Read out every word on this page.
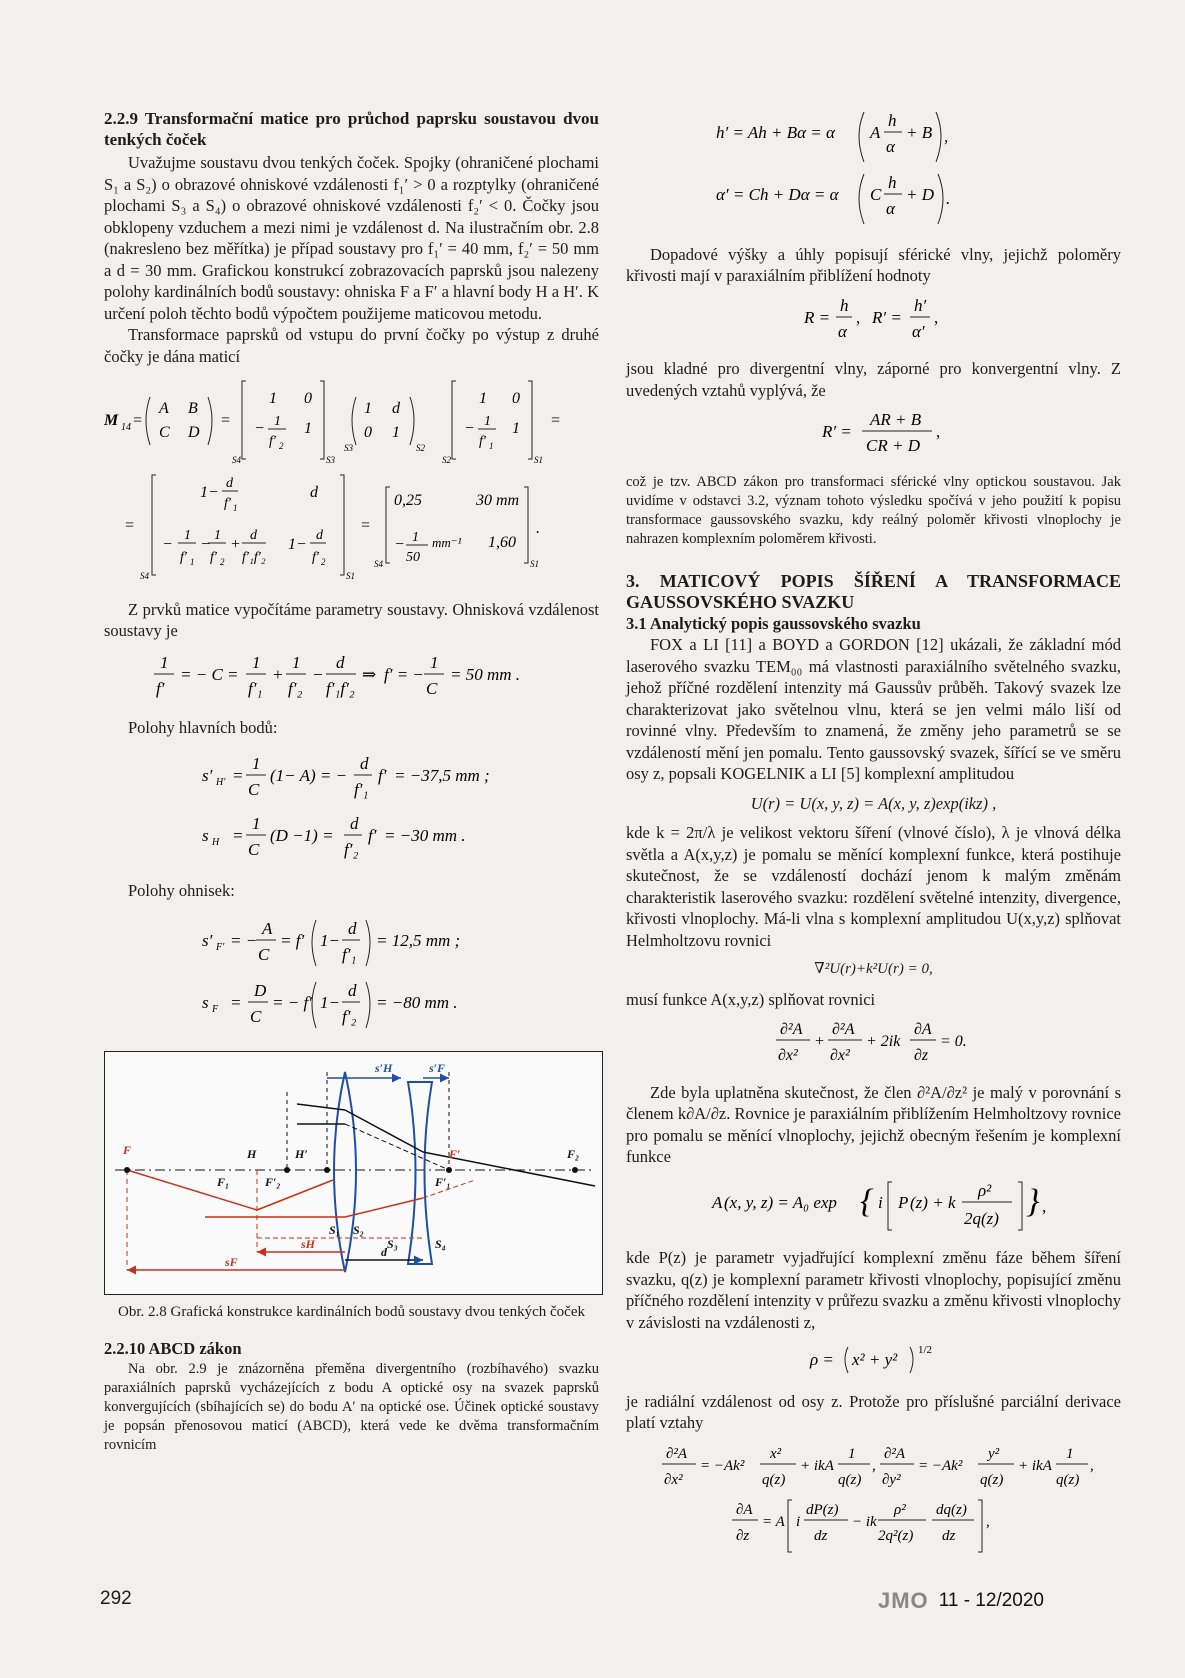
2.2.9 Transformační matice pro průchod paprsku soustavou dvou tenkých čoček

Uvažujme soustavu dvou tenkých čoček. Spojky (ohraničené plochami S₁ a S₂) o obrazové ohniskové vzdálenosti f₁′ > 0 a rozptylky (ohraničené plochami S₃ a S₄) o obrazové ohniskové vzdálenosti f₂′ < 0. Čočky jsou obklopeny vzduchem a mezi nimi je vzdálenost d. Na ilustračním obr. 2.8 (nakresleno bez měřítka) je případ soustavy pro f₁′ = 40 mm, f₂′ = 50 mm a d = 30 mm. Grafickou konstrukcí zobrazovacích paprsků jsou nalezeny polohy kardinálních bodů soustavy: ohniska F a F′ a hlavní body H a H′. K určení poloh těchto bodů výpočtem použijeme maticovou metodu.

Transformace paprsků od vstupu do první čočky po výstup z druhé čočky je dána maticí

M 14 =
A B
C D
=
1 0
− 1
f′ 2
1
S4	S3
1 d
0 1
S3	S2
1 0
− 1
f′ 1
1
S2	S1
=
=
1−
d
f′ 1
d
−
1
f′ 1
−
1
f′ 2
+
d
f′₁f′₂
1−
d
f′ 2
S4	S1
=
0,25	30 mm
− 1
50
mm⁻¹ 1,60
S4	S1
.

Z prvků matice vypočítáme parametry soustavy. Ohnisková vzdálenost soustavy je

1
f′
= − C =
1
f′₁
+
1
f′₂
−
d
f′₁f′₂
⇒ f′ = −
1
C
= 50 mm .

Polohy hlavních bodů:

s′ H′ =
1
C
(1− A) = −
d
f′₁
f′ = −37,5 mm ;
s H =
1
C
(D −1) =
d
f′₂
f′ = −30 mm .

Polohy ohnisek:

s′ F′ = −
A
C
= f′ 1−
d
f′₁
= 12,5 mm ;
s F =
D
C
= − f′ 1−
d
f′₂
= −80 mm .
s′H	s′F
F	H	H′	F′	F₂
F₁	F′₂	F′₁
S₁ S₂
S₃	S₄
sH
sF
d
Obr. 2.8 Grafická konstrukce kardinálních bodů soustavy dvou tenkých čoček
2.2.10 ABCD zákon

Na obr. 2.9 je znázorněna přeměna divergentního (rozbíhavého) svazku paraxiálních paprsků vycházejících z bodu A optické osy na svazek paprsků konvergujících (sbíhajících se) do bodu A′ na optické ose. Účinek optické soustavy je popsán přenosovou maticí (ABCD), která vede ke dvěma transformačním rovnicím

h′ = Ah + Bα = α A
h
α
+ B ,
α′ = Ch + Dα = α C
h
α
+ D .

Dopadové výšky a úhly popisují sférické vlny, jejichž poloměry křivosti mají v paraxiálním přiblížení hodnoty

R =
h
α
, R′ =
h′
α′
,

jsou kladné pro divergentní vlny, záporné pro konvergentní vlny. Z uvedených vztahů vyplývá, že

R′ =
AR + B
CR + D
,

což je tzv. ABCD zákon pro transformaci sférické vlny optickou soustavou. Jak uvidíme v odstavci 3.2, význam tohoto výsledku spočívá v jeho použití k popisu transformace gaussovského svazku, kdy reálný poloměr křivosti vlnoplochy je nahrazen komplexním poloměrem křivosti.

3. MATICOVÝ POPIS ŠÍŘENÍ A TRANSFORMACE GAUSSOVSKÉHO SVAZKU
3.1 Analytický popis gaussovského svazku

FOX a LI [11] a BOYD a GORDON [12] ukázali, že základní mód laserového svazku TEM₀₀ má vlastnosti paraxiálního světelného svazku, jehož příčné rozdělení intenzity má Gaussův průběh. Takový svazek lze charakterizovat jako světelnou vlnu, která se jen velmi málo liší od rovinné vlny. Především to znamená, že změny jeho parametrů se se vzdáleností mění jen pomalu. Tento gaussovský svazek, šířící se ve směru osy z, popsali KOGELNIK a LI [5] komplexní amplitudou

U(r) = U(x, y, z) = A(x, y, z)exp(ikz) ,

kde k = 2π/λ je velikost vektoru šíření (vlnové číslo), λ je vlnová délka světla a A(x,y,z) je pomalu se měnící komplexní funkce, která postihuje skutečnost, že se vzdáleností dochází jenom k malým změnám charakteristik laserového svazku: rozdělení světelné intenzity, divergence, křivosti vlnoplochy. Má-li vlna s komplexní amplitudou U(x,y,z) splňovat Helmholtzovu rovnici

∇²U(r)+k²U(r) = 0,

musí funkce A(x,y,z) splňovat rovnici

∂²A
∂x²
+
∂²A
∂x²
+ 2ik
∂A
∂z
= 0.

Zde byla uplatněna skutečnost, že člen ∂²A/∂z² je malý v porovnání s členem k∂A/∂z. Rovnice je paraxiálním přiblížením Helmholtzovy rovnice pro pomalu se měnící vlnoplochy, jejichž obecným řešením je komplexní funkce

A (x, y, z) = A₀ exp { i P (z) + k
ρ²
2q(z) } ,

kde P(z) je parametr vyjadřující komplexní změnu fáze během šíření svazku, q(z) je komplexní parametr křivosti vlnoplochy, popisující změnu příčného rozdělení intenzity v průřezu svazku a změnu křivosti vlnoplochy v závislosti na vzdálenosti z,

ρ = x² + y² 1/2

je radiální vzdálenost od osy z. Protože pro příslušné parciální derivace platí vztahy

∂²A
∂x²
= −Ak²
x²
q(z)
+ ikA
1
q(z)
,
∂²A
∂y²
= −Ak²
y²
q(z)
+ ikA
1
q(z)
,
∂A
∂z
= A i
dP(z)
dz
− ik
ρ²
2q²(z)
dq(z)
dz
,
292	JMO 11 - 12/2020
